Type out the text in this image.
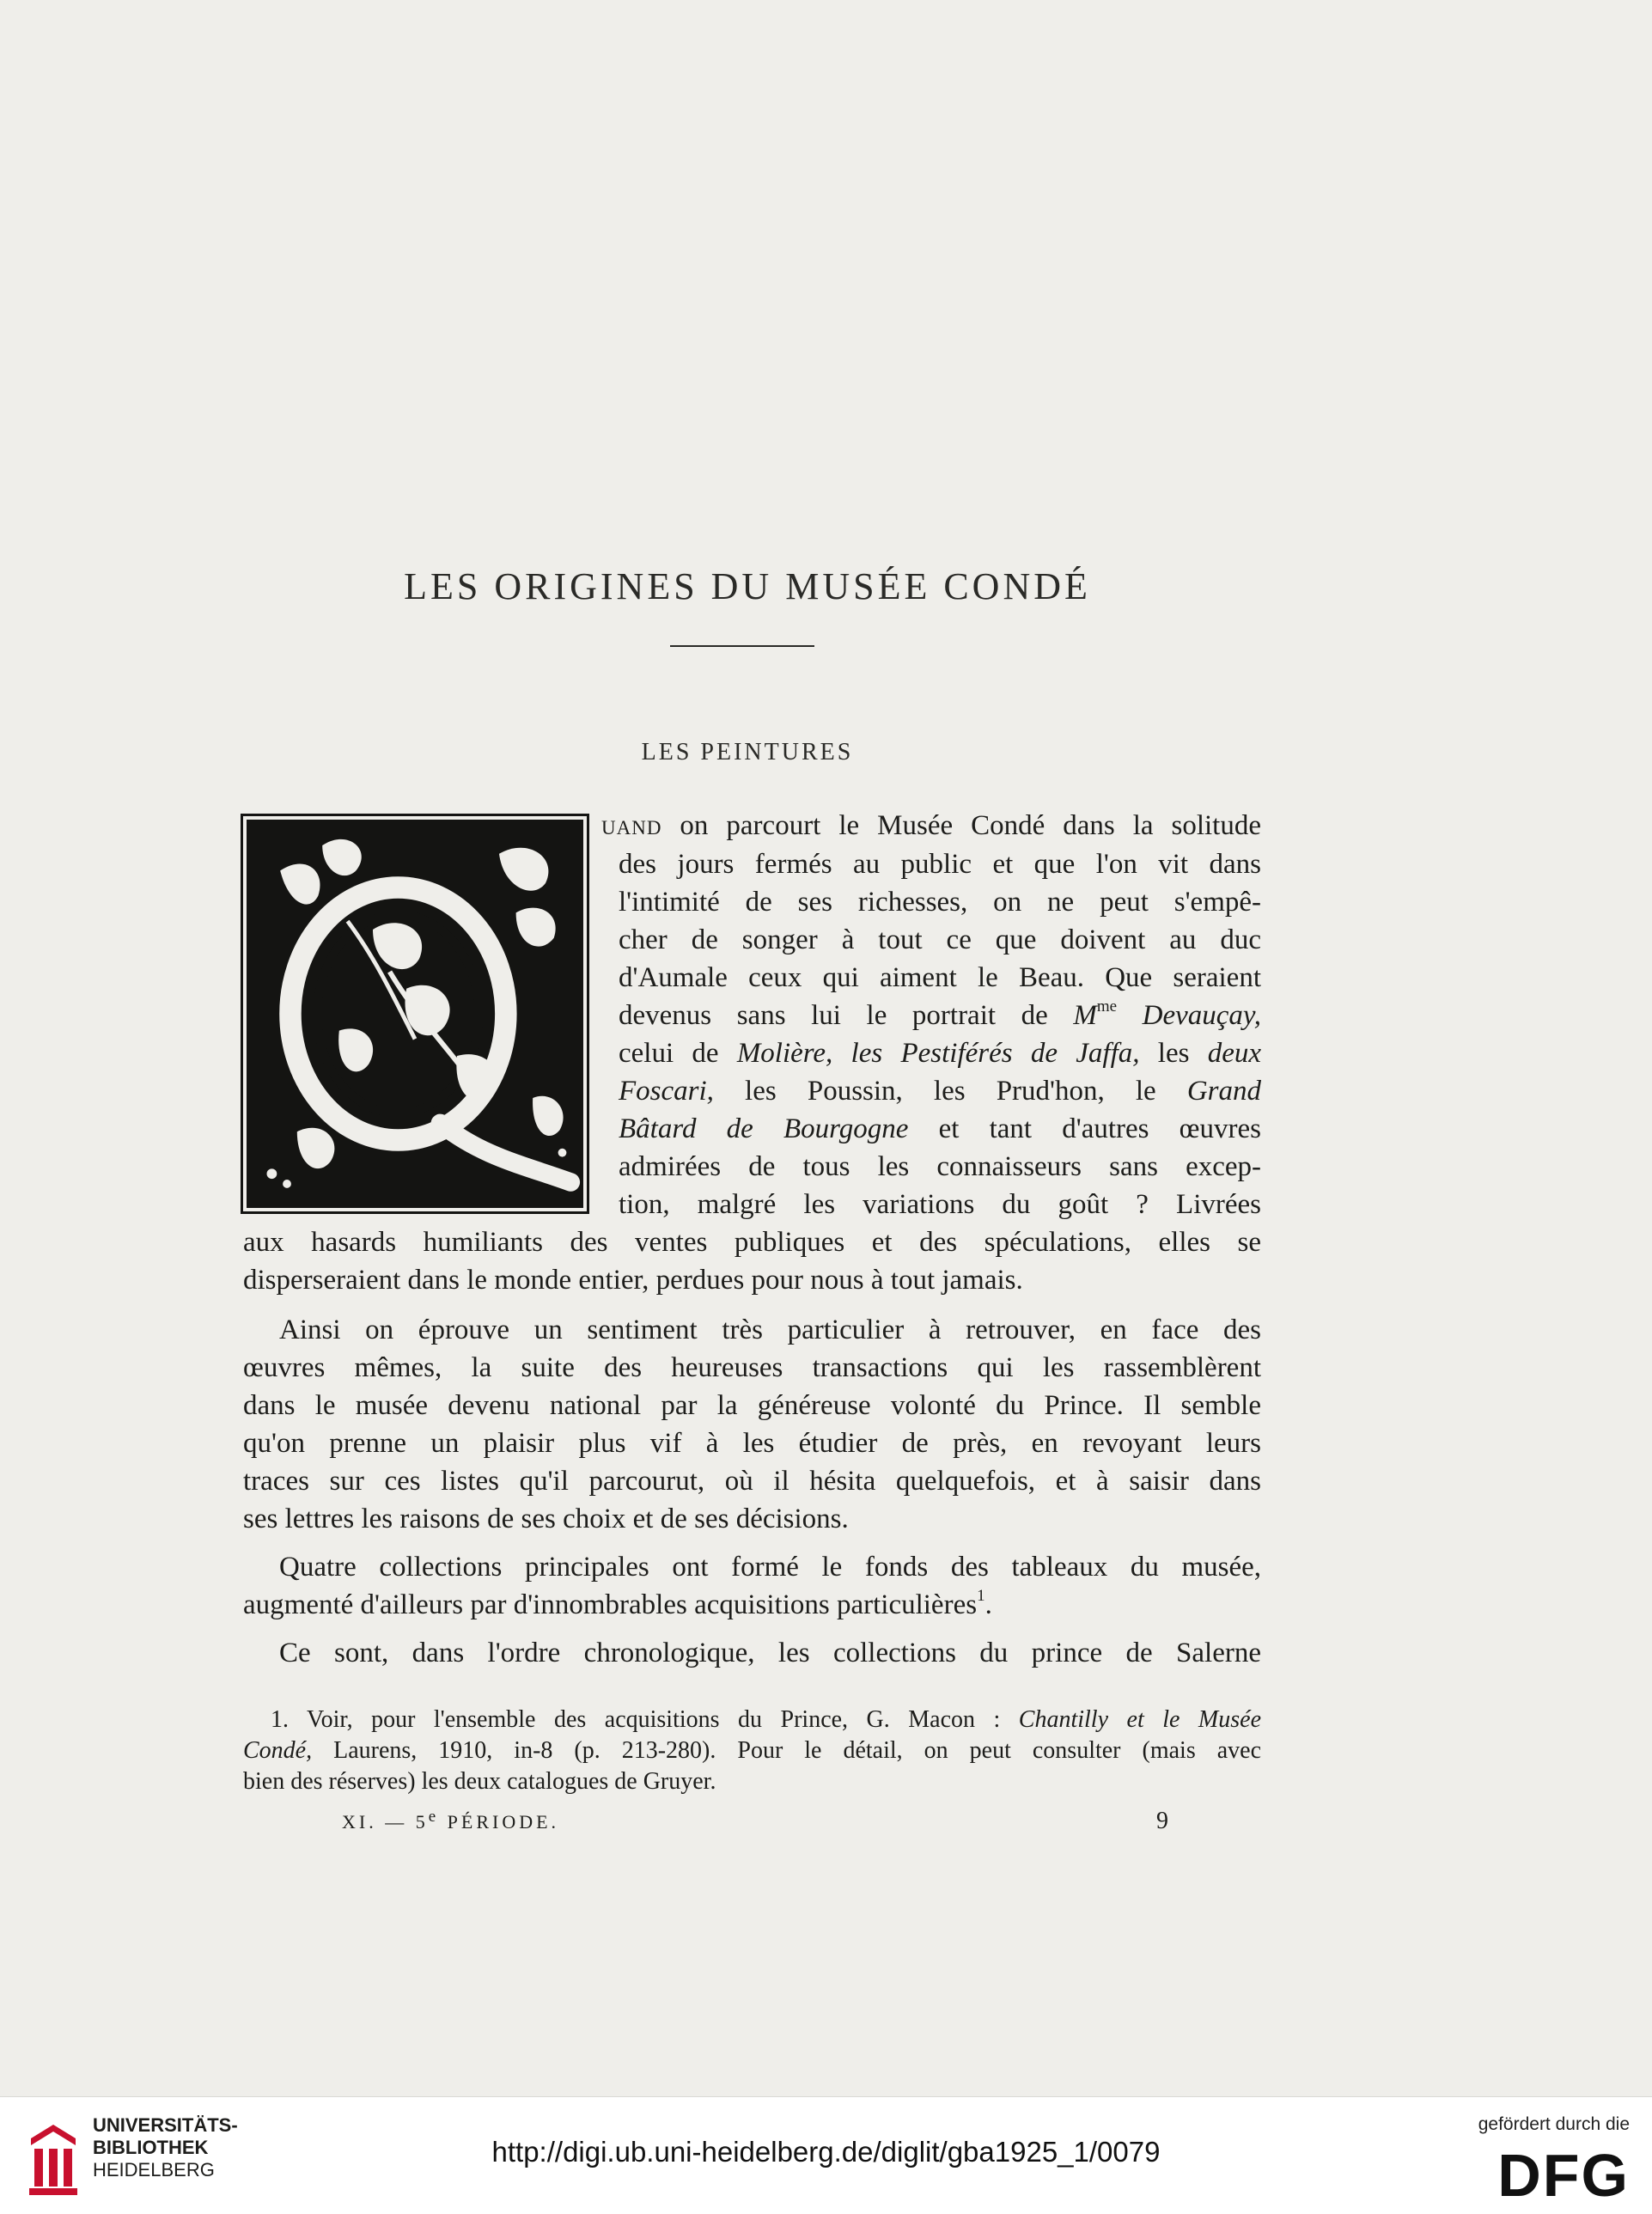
LES ORIGINES DU MUSÉE CONDÉ
LES PEINTURES
uand on parcourt le Musée Condé dans la solitude
des jours fermés au public et que l'on vit dans
l'intimité de ses richesses, on ne peut s'empê-
cher de songer à tout ce que doivent au duc
d'Aumale ceux qui aiment le Beau. Que seraient
devenus sans lui le portrait de $M^{me}$ Devauçay,
celui de Molière, les Pestiférés de Jaffa, les deux
Foscari, les Poussin, les Prud'hon, le Grand
Bâtard de Bourgogne et tant d'autres œuvres
admirées de tous les connaisseurs sans excep-
tion, malgré les variations du goût ? Livrées
aux hasards humiliants des ventes publiques et des spéculations, elles se
disperseraient dans le monde entier, perdues pour nous à tout jamais.
Ainsi on éprouve un sentiment très particulier à retrouver, en face des
œuvres mêmes, la suite des heureuses transactions qui les rassemblèrent
dans le musée devenu national par la généreuse volonté du Prince. Il semble
qu'on prenne un plaisir plus vif à les étudier de près, en revoyant leurs
traces sur ces listes qu'il parcourut, où il hésita quelquefois, et à saisir dans
ses lettres les raisons de ses choix et de ses décisions.
Quatre collections principales ont formé le fonds des tableaux du musée,
augmenté d'ailleurs par d'innombrables acquisitions particulières$^1$.
Ce sont, dans l'ordre chronologique, les collections du prince de Salerne
1. Voir, pour l'ensemble des acquisitions du Prince, G. Macon : Chantilly et le Musée
Condé, Laurens, 1910, in-8 (p. 213-280). Pour le détail, on peut consulter (mais avec
bien des réserves) les deux catalogues de Gruyer.
XI. — 5e PÉRIODE.	9
UNIVERSITÄTS-
BIBLIOTHEK
HEIDELBERG
http://digi.ub.uni-heidelberg.de/diglit/gba1925_1/0079
gefördert durch die
DFG
